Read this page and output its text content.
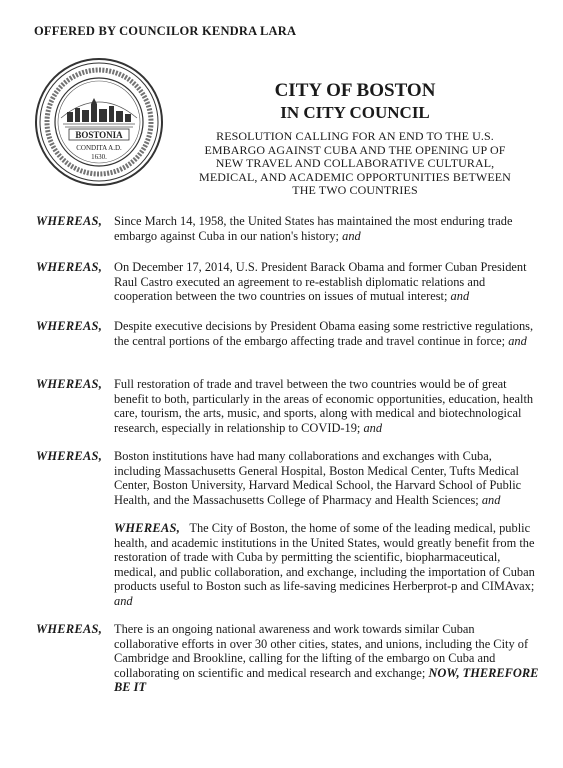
OFFERED BY COUNCILOR KENDRA LARA
BOSTONIA
CONDITA A.D.
1630.
CITY OF BOSTON
IN CITY COUNCIL
RESOLUTION CALLING FOR AN END TO THE U.S.
EMBARGO AGAINST CUBA AND THE OPENING UP OF
NEW TRAVEL AND COLLABORATIVE CULTURAL,
MEDICAL, AND ACADEMIC OPPORTUNITIES BETWEEN
THE TWO COUNTRIES
WHEREAS, Since March 14, 1958, the United States has maintained the most enduring trade embargo against Cuba in our nation's history; and
WHEREAS, On December 17, 2014, U.S. President Barack Obama and former Cuban President Raul Castro executed an agreement to re-establish diplomatic relations and cooperation between the two countries on issues of mutual interest; and
WHEREAS, Despite executive decisions by President Obama easing some restrictive regulations, the central portions of the embargo affecting trade and travel continue in force; and
WHEREAS, Full restoration of trade and travel between the two countries would be of great benefit to both, particularly in the areas of economic opportunities, education, health care, tourism, the arts, music, and sports, along with medical and biotechnological research, especially in relationship to COVID-19; and
WHEREAS, Boston institutions have had many collaborations and exchanges with Cuba, including Massachusetts General Hospital, Boston Medical Center, Tufts Medical Center, Boston University, Harvard Medical School, the Harvard School of Public Health, and the Massachusetts College of Pharmacy and Health Sciences; and
WHEREAS, The City of Boston, the home of some of the leading medical, public health, and academic institutions in the United States, would greatly benefit from the restoration of trade with Cuba by permitting the scientific, biopharmaceutical, medical, and public collaboration, and exchange, including the importation of Cuban products useful to Boston such as life-saving medicines Herberprot-p and CIMAvax; and
WHEREAS, There is an ongoing national awareness and work towards similar Cuban collaborative efforts in over 30 other cities, states, and unions, including the City of Cambridge and Brookline, calling for the lifting of the embargo on Cuba and collaborating on scientific and medical research and exchange; NOW, THEREFORE BE IT
